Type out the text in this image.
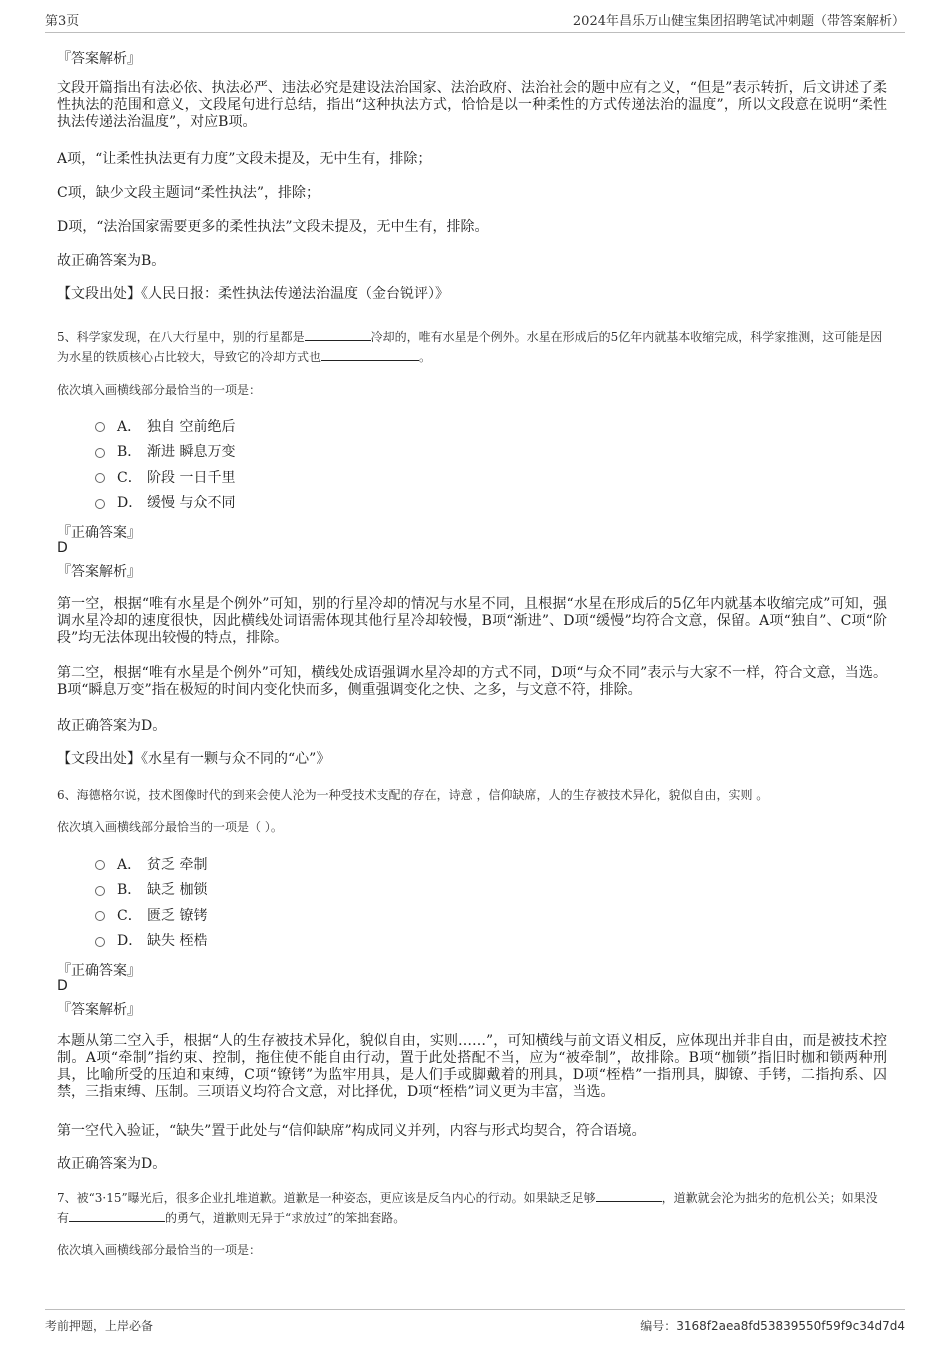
第3页	2024年昌乐万山健宝集团招聘笔试冲刺题（带答案解析）
『答案解析』

文段开篇指出有法必依、执法必严、违法必究是建设法治国家、法治政府、法治社会的题中应有之义，“但是”表示转折，后文讲述了柔性执法的范围和意义，文段尾句进行总结，指出“这种执法方式，恰恰是以一种柔性的方式传递法治的温度”，所以文段意在说明“柔性执法传递法治温度”，对应B项。

A项，“让柔性执法更有力度”文段未提及，无中生有，排除；

C项，缺少文段主题词“柔性执法”，排除；

D项，“法治国家需要更多的柔性执法”文段未提及，无中生有，排除。

故正确答案为B。

【文段出处】《人民日报：柔性执法传递法治温度（金台锐评）》

5、科学家发现，在八大行星中，别的行星都是	冷却的，唯有水星是个例外。水星在形成后的5亿年内就基本收缩完成，科学家推测，这可能是因为水星的铁质核心占比较大，导致它的冷却方式也	。

依次填入画横线部分最恰当的一项是：

A． 独自 空前绝后
B． 渐进 瞬息万变
C． 阶段 一日千里
D． 缓慢 与众不同
『正确答案』
D
『答案解析』

第一空，根据“唯有水星是个例外”可知，别的行星冷却的情况与水星不同，且根据“水星在形成后的5亿年内就基本收缩完成”可知，强调水星冷却的速度很快，因此横线处词语需体现其他行星冷却较慢，B项“渐进”、D项“缓慢”均符合文意，保留。A项“独自”、C项“阶段”均无法体现出较慢的特点，排除。

第二空，根据“唯有水星是个例外”可知，横线处成语强调水星冷却的方式不同，D项“与众不同”表示与大家不一样，符合文意，当选。B项“瞬息万变”指在极短的时间内变化快而多，侧重强调变化之快、之多，与文意不符，排除。

故正确答案为D。

【文段出处】《水星有一颗与众不同的“心”》

6、海德格尔说，技术图像时代的到来会使人沦为一种受技术支配的存在，诗意 ，信仰缺席，人的生存被技术异化，貌似自由，实则 。

依次填入画横线部分最恰当的一项是（ ）。

A． 贫乏 牵制
B． 缺乏 枷锁
C． 匮乏 镣铐
D． 缺失 桎梏
『正确答案』
D
『答案解析』

本题从第二空入手，根据“人的生存被技术异化，貌似自由，实则……”，可知横线与前文语义相反，应体现出并非自由，而是被技术控制。A项“牵制”指约束、控制，拖住使不能自由行动，置于此处搭配不当，应为“被牵制”，故排除。B项“枷锁”指旧时枷和锁两种刑具，比喻所受的压迫和束缚，C项“镣铐”为监牢用具，是人们手或脚戴着的刑具，D项“桎梏”一指刑具，脚镣、手铐，二指拘系、囚禁，三指束缚、压制。三项语义均符合文意，对比择优，D项“桎梏”词义更为丰富，当选。

第一空代入验证，“缺失”置于此处与“信仰缺席”构成同义并列，内容与形式均契合，符合语境。

故正确答案为D。

7、被“3·15”曝光后，很多企业扎堆道歉。道歉是一种姿态，更应该是反刍内心的行动。如果缺乏足够	，道歉就会沦为拙劣的危机公关；如果没有	的勇气，道歉则无异于“求放过”的笨拙套路。

依次填入画横线部分最恰当的一项是：

考前押题，上岸必备	编号：3168f2aea8fd53839550f59f9c34d7d4
